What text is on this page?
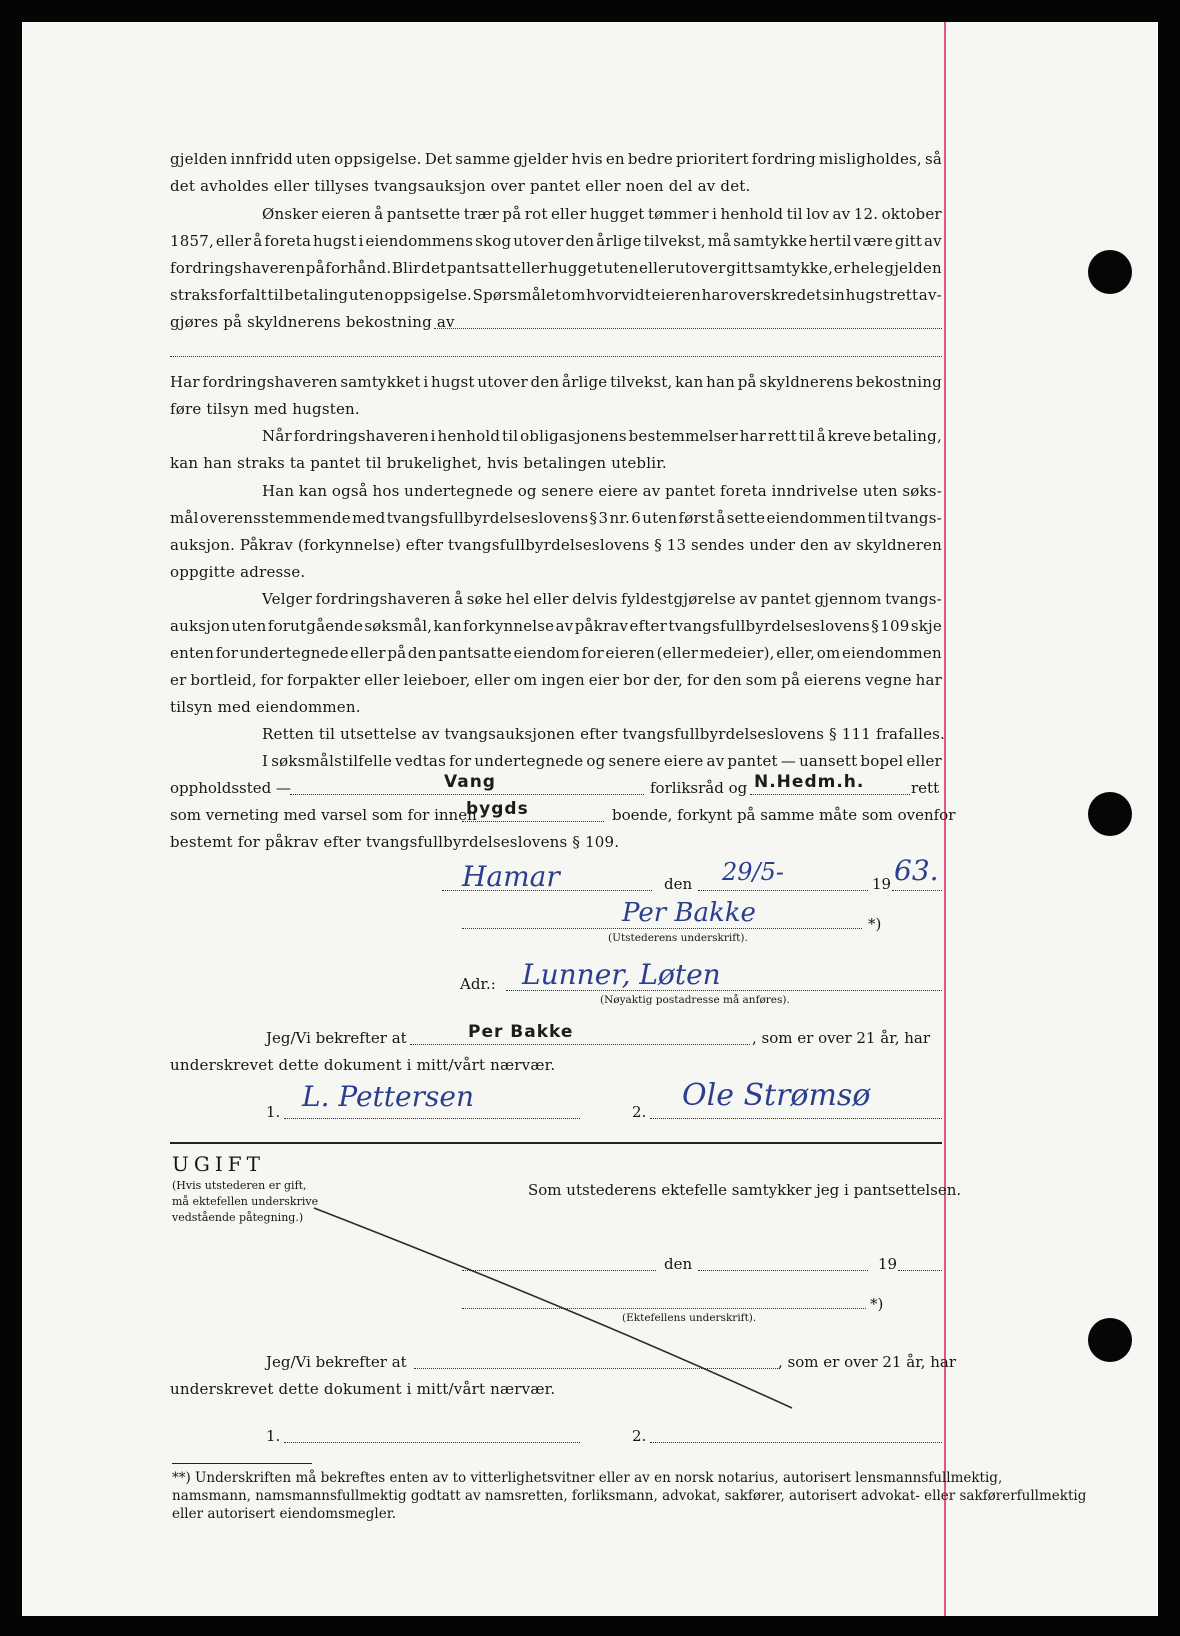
gjelden innfridd uten oppsigelse. Det samme gjelder hvis en bedre prioritert fordring misligholdes, så
det avholdes eller tillyses tvangsauksjon over pantet eller noen del av det.
Ønsker eieren å pantsette trær på rot eller hugget tømmer i henhold til lov av 12. oktober
1857, eller å foreta hugst i eiendommens skog utover den årlige tilvekst, må samtykke hertil være gitt av
fordringshaveren på forhånd. Blir det pantsatt eller hugget uten eller utover gitt samtykke, er hele gjelden
straks forfalt til betaling uten oppsigelse. Spørsmålet om hvorvidt eieren har overskredet sin hugstrett av-
gjøres på skyldnerens bekostning av
Har fordringshaveren samtykket i hugst utover den årlige tilvekst, kan han på skyldnerens bekostning
føre tilsyn med hugsten.
Når fordringshaveren i henhold til obligasjonens bestemmelser har rett til å kreve betaling,
kan han straks ta pantet til brukelighet, hvis betalingen uteblir.
Han kan også hos undertegnede og senere eiere av pantet foreta inndrivelse uten søks-
mål overensstemmende med tvangsfullbyrdelseslovens § 3 nr. 6 uten først å sette eiendommen til tvangs-
auksjon. Påkrav (forkynnelse) efter tvangsfullbyrdelseslovens § 13 sendes under den av skyldneren
oppgitte adresse.
Velger fordringshaveren å søke hel eller delvis fyldestgjørelse av pantet gjennom tvangs-
auksjon uten forutgående søksmål, kan forkynnelse av påkrav efter tvangsfullbyrdelseslovens § 109 skje
enten for undertegnede eller på den pantsatte eiendom for eieren (eller medeier), eller, om eiendommen
er bortleid, for forpakter eller leieboer, eller om ingen eier bor der, for den som på eierens vegne har
tilsyn med eiendommen.
Retten til utsettelse av tvangsauksjonen efter tvangsfullbyrdelseslovens § 111 frafalles.
I søksmålstilfelle vedtas for undertegnede og senere eiere av pantet — uansett bopel eller
oppholdssted —	Vang	forliksråd og N.Hedm.h.	rett
som verneting med varsel som for innen
bygds	boende, forkynt på samme måte som ovenfor
bestemt for påkrav efter tvangsfullbyrdelseslovens § 109.
Hamar	den 29/5-	19 63.
Per Bakke	*)
(Utstederens underskrift).
Adr.: Lunner, Løten
(Nøyaktig postadresse må anføres).
Jeg/Vi bekrefter at	Per Bakke	, som er over 21 år, har
underskrevet dette dokument i mitt/vårt nærvær.
1. L. Pettersen	2. Ole Strømsø
UGIFT
(Hvis utstederen er gift,
må ektefellen underskrive
vedstående påtegning.)
Som utstederens ektefelle samtykker jeg i pantsettelsen.
den	19
*)
(Ektefellens underskrift).
Jeg/Vi bekrefter at	, som er over 21 år, har
underskrevet dette dokument i mitt/vårt nærvær.
1.	2.
**) Underskriften må bekreftes enten av to vitterlighetsvitner eller av en norsk notarius, autorisert lensmannsfullmektig,
namsmann, namsmannsfullmektig godtatt av namsretten, forliksmann, advokat, sakfører, autorisert advokat- eller sakførerfullmektig
eller autorisert eiendomsmegler.
